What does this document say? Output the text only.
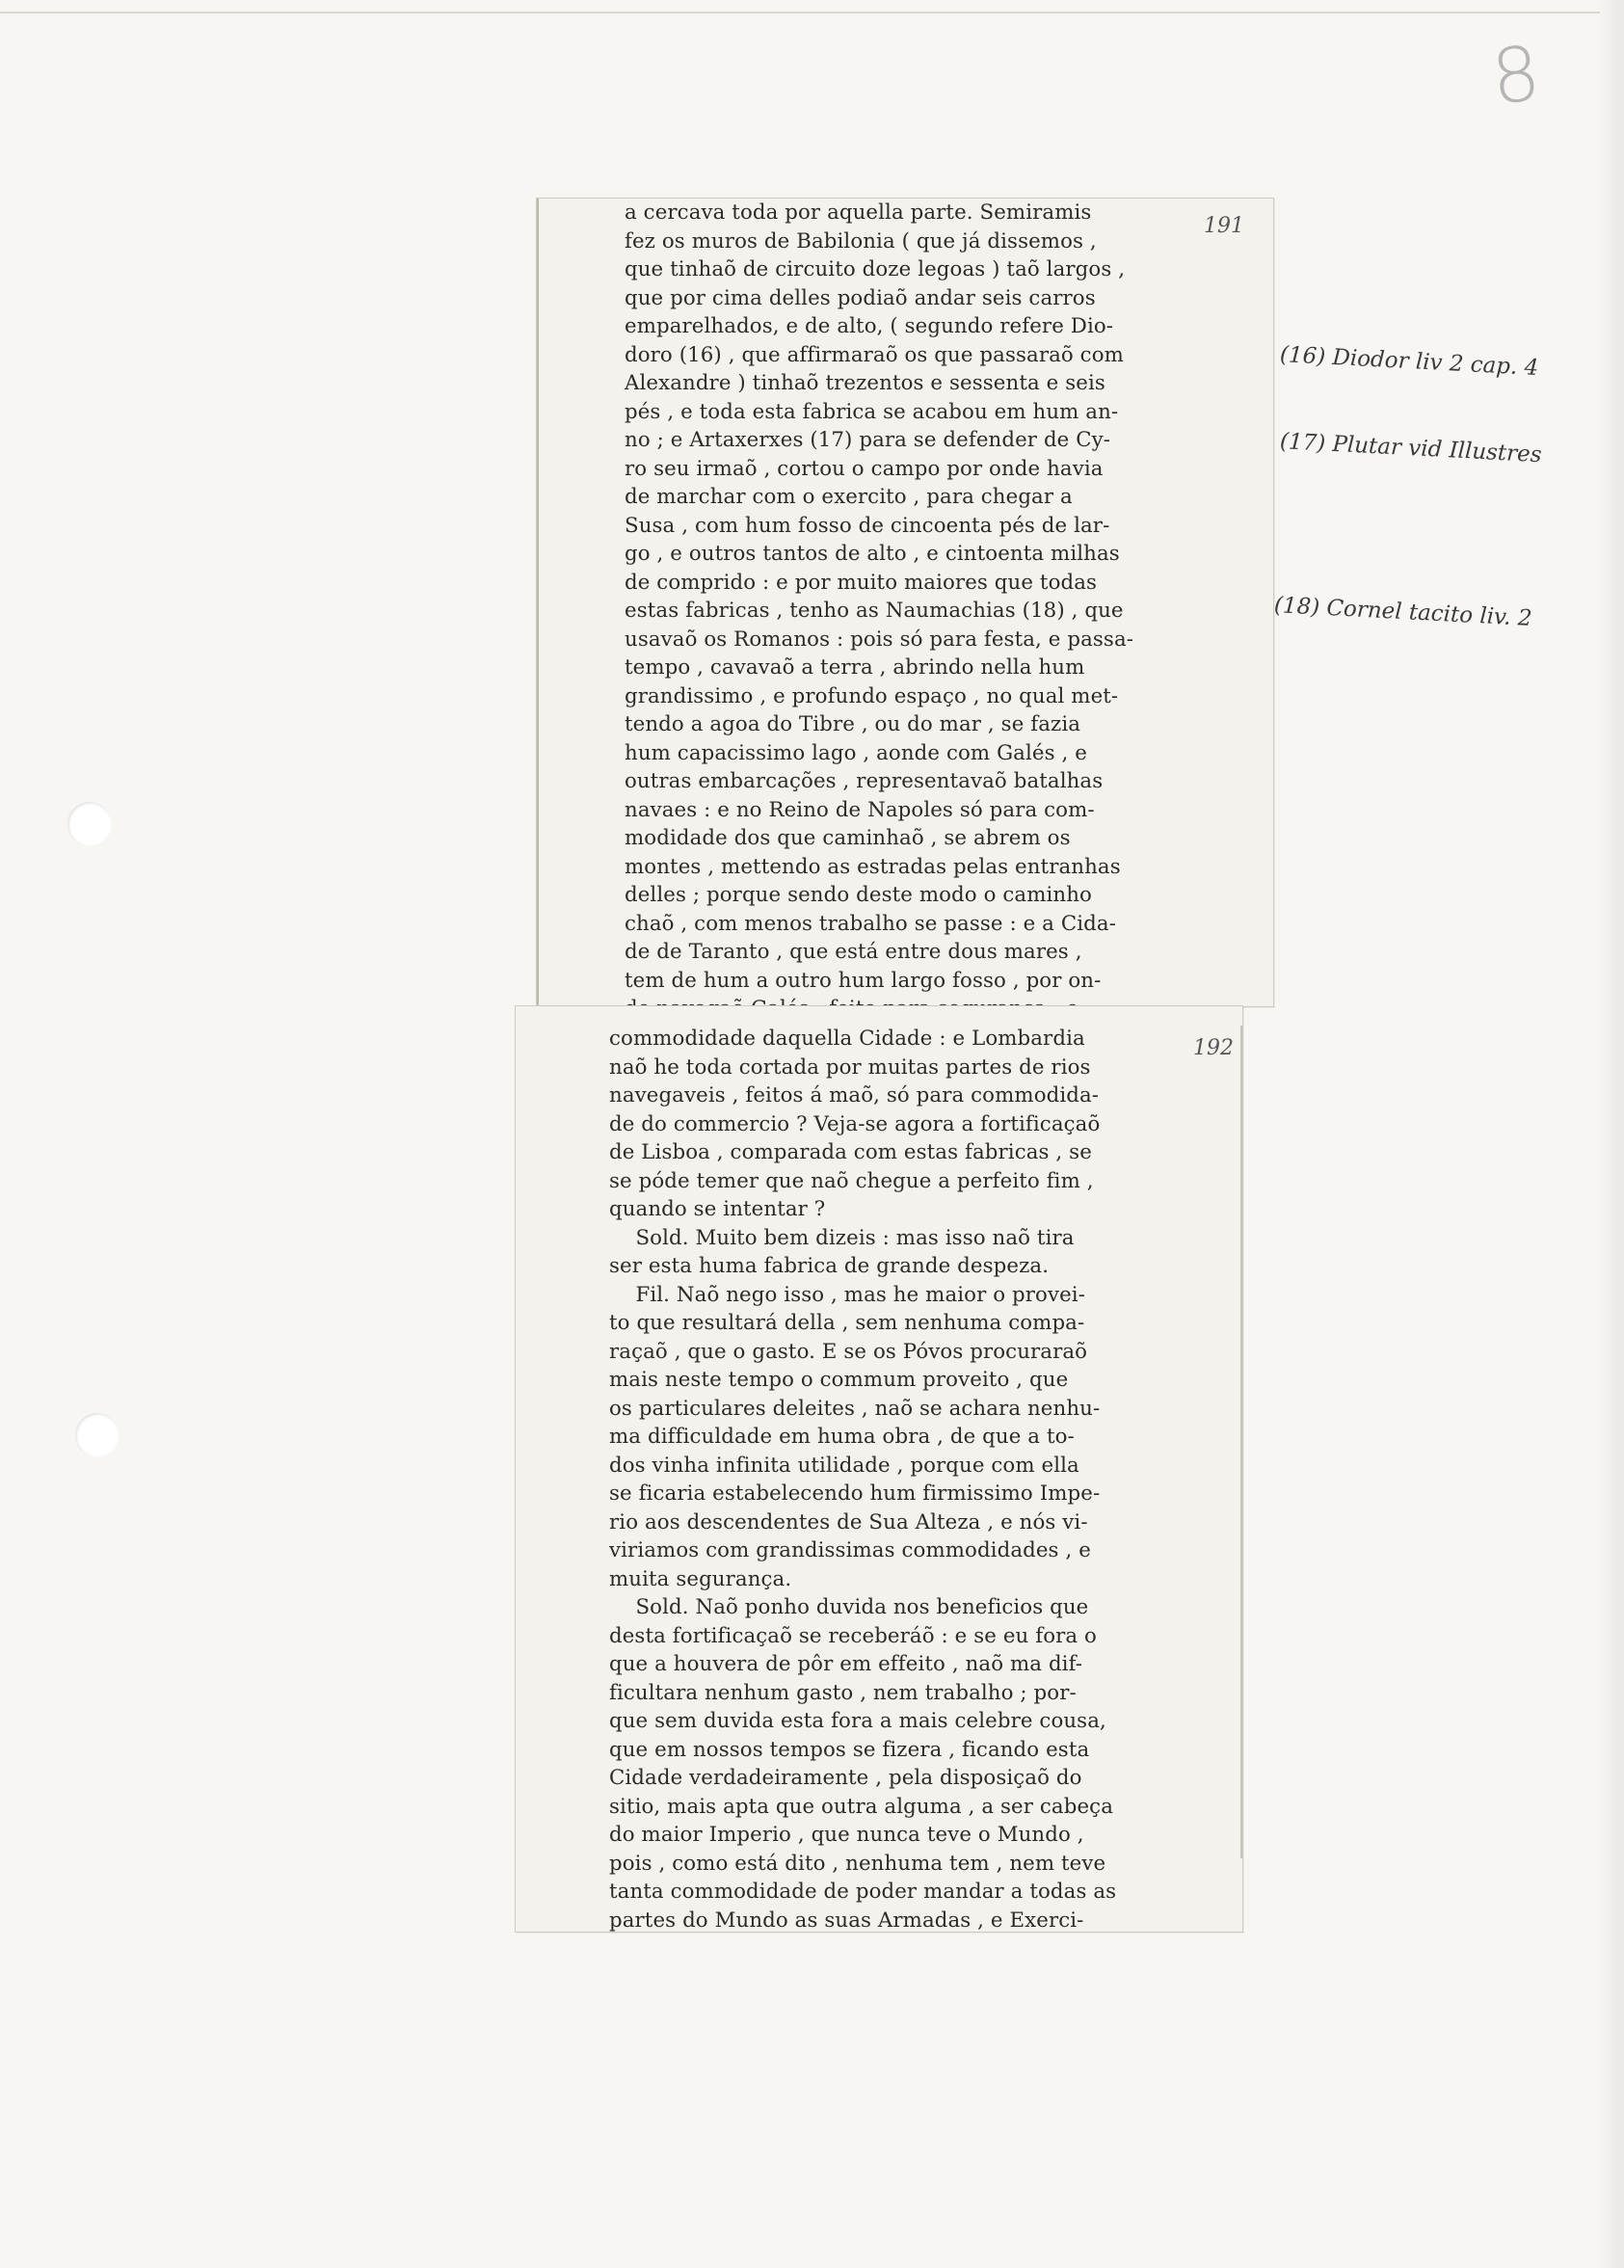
8
a cercava toda por aquella parte. Semiramis
fez os muros de Babilonia ( que já dissemos ,
que tinhaõ de circuito doze legoas ) taõ largos ,
que por cima delles podiaõ andar seis carros
emparelhados, e de alto, ( segundo refere Dio-
doro (16) , que affirmaraõ os que passaraõ com
Alexandre ) tinhaõ trezentos e sessenta e seis
pés , e toda esta fabrica se acabou em hum an-
no ; e Artaxerxes (17) para se defender de Cy-
ro seu irmaõ , cortou o campo por onde havia
de marchar com o exercito , para chegar a
Susa , com hum fosso de cincoenta pés de lar-
go , e outros tantos de alto , e cintoenta milhas
de comprido : e por muito maiores que todas
estas fabricas , tenho as Naumachias (18) , que
usavaõ os Romanos : pois só para festa, e passa-
tempo , cavavaõ a terra , abrindo nella hum
grandissimo , e profundo espaço , no qual met-
tendo a agoa do Tibre , ou do mar , se fazia
hum capacissimo lago , aonde com Galés , e
outras embarcações , representavaõ batalhas
navaes : e no Reino de Napoles só para com-
modidade dos que caminhaõ , se abrem os
montes , mettendo as estradas pelas entranhas
delles ; porque sendo deste modo o caminho
chaõ , com menos trabalho se passe : e a Cida-
de de Taranto , que está entre dous mares ,
tem de hum a outro hum largo fosso , por on-

191
commodidade daquella Cidade : e Lombardia
naõ he toda cortada por muitas partes de rios
navegaveis , feitos á maõ, só para commodida-
de do commercio ? Veja-se agora a fortificaçaõ
de Lisboa , comparada com estas fabricas , se
se póde temer que naõ chegue a perfeito fim ,
quando se intentar ?
Sold. Muito bem dizeis : mas isso naõ tira
ser esta huma fabrica de grande despeza.
Fil. Naõ nego isso , mas he maior o provei-
to que resultará della , sem nenhuma compa-
raçaõ , que o gasto. E se os Póvos procuraraõ
mais neste tempo o commum proveito , que
os particulares deleites , naõ se achara nenhu-
ma difficuldade em huma obra , de que a to-
dos vinha infinita utilidade , porque com ella
se ficaria estabelecendo hum firmissimo Impe-
rio aos descendentes de Sua Alteza , e nós vi-
viriamos com grandissimas commodidades , e
muita segurança.
Sold. Naõ ponho duvida nos beneficios que
desta fortificaçaõ se receberáõ : e se eu fora o
que a houvera de pôr em effeito , naõ ma dif-
ficultara nenhum gasto , nem trabalho ; por-
que sem duvida esta fora a mais celebre cousa,
que em nossos tempos se fizera , ficando esta
Cidade verdadeiramente , pela disposiçaõ do
sitio, mais apta que outra alguma , a ser cabeça
do maior Imperio , que nunca teve o Mundo ,
pois , como está dito , nenhuma tem , nem teve
tanta commodidade de poder mandar a todas as
partes do Mundo as suas Armadas , e Exerci-
192
(16) Diodor liv 2 cap. 4
(17) Plutar vid Illustres
(18) Cornel tacito liv. 2
